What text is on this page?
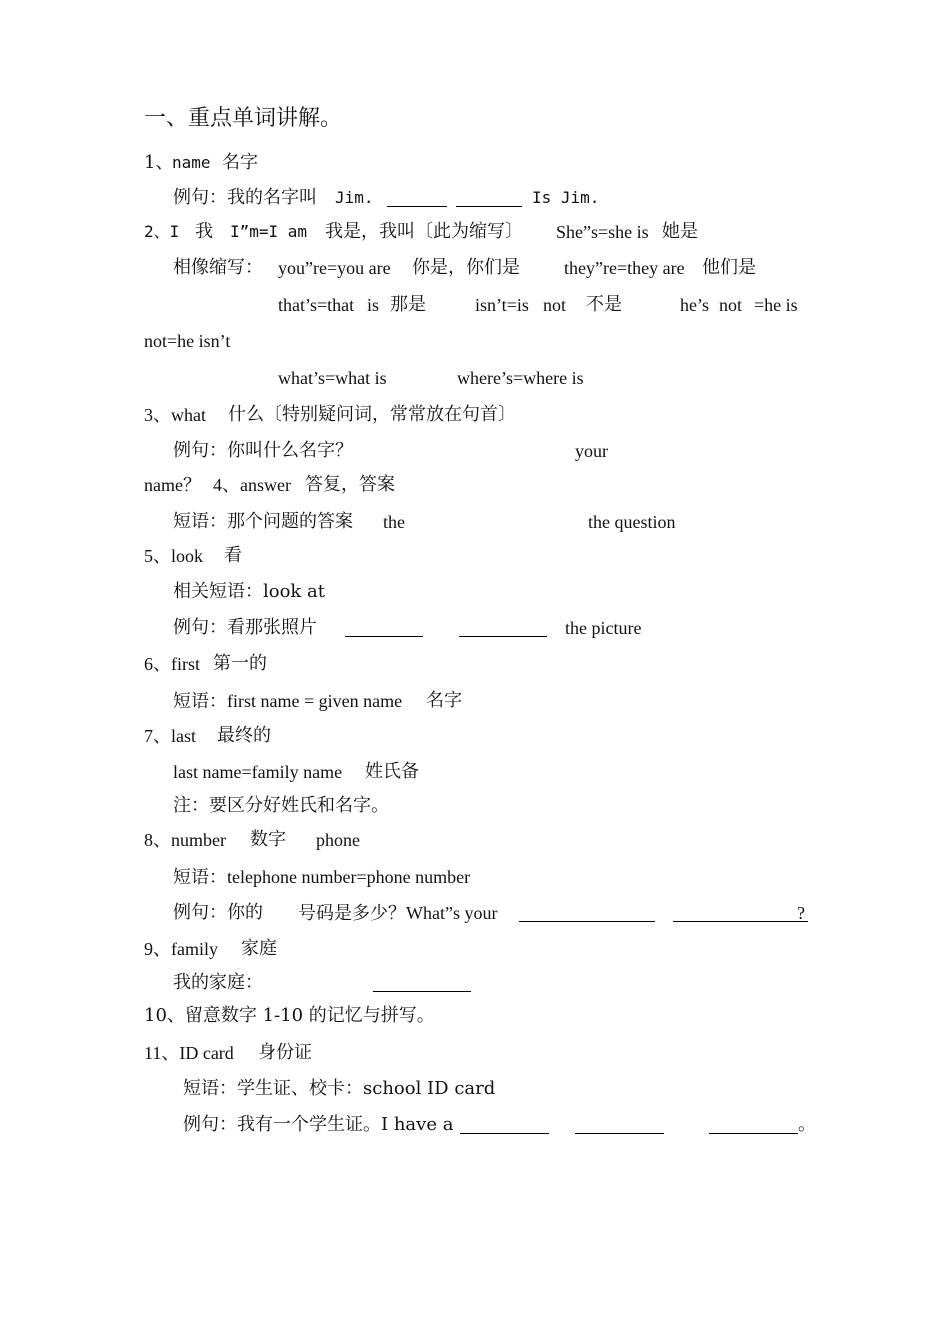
一、重点单词讲解。
1、
name 名字
例句：我的名字叫 Jim.	Is Jim.
2、I 我 I”m=I am 我是，我叫〔此为缩写〕 She”s=she is 她是
相像缩写： you”re=you are 你是，你们是 they”re=they are 他们是
that’s=that is 那是	isn’t=is not 不是	he’s not =he is
not=he isn’t
what’s=what is	where’s=where is
3、what 什么〔特别疑问词，常常放在句首〕
例句：你叫什么名字？	your
name？ 4、answer 答复，答案
短语：那个问题的答案 the	the question
5、look 看
相关短语：look at
例句：看那张照片	the picture
6、first 第一的
短语：first name = given name 名字
7、last 最终的
last name=family name 姓氏备
注：要区分好姓氏和名字。
8、number 数字 phone
短语：telephone number=phone number
例句：你的 号码是多少？What”s your	?
9、family 家庭
我的家庭：
10、留意数字 1-10 的记忆与拼写。
11、ID card 身份证
短语：学生证、校卡：school ID card
例句：我有一个学生证。I have a	。
